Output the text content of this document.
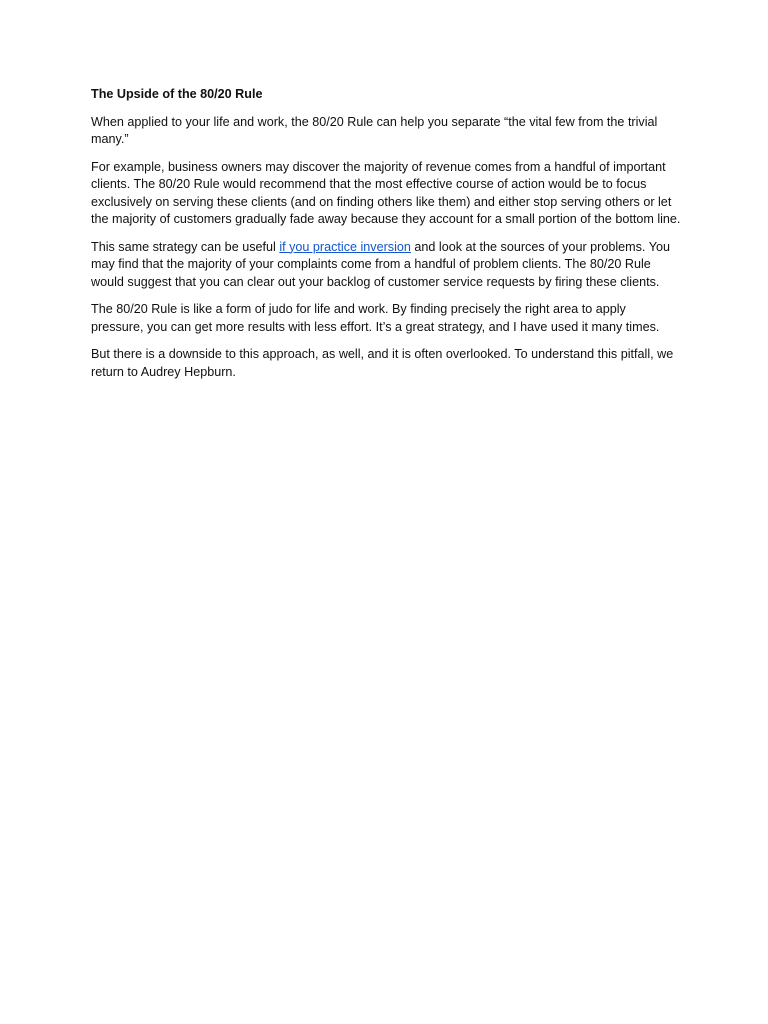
The Upside of the 80/20 Rule

When applied to your life and work, the 80/20 Rule can help you separate “the vital few from the trivial many.”

For example, business owners may discover the majority of revenue comes from a handful of important clients. The 80/20 Rule would recommend that the most effective course of action would be to focus exclusively on serving these clients (and on finding others like them) and either stop serving others or let the majority of customers gradually fade away because they account for a small portion of the bottom line.

This same strategy can be useful if you practice inversion and look at the sources of your problems. You may find that the majority of your complaints come from a handful of problem clients. The 80/20 Rule would suggest that you can clear out your backlog of customer service requests by firing these clients.

The 80/20 Rule is like a form of judo for life and work. By finding precisely the right area to apply pressure, you can get more results with less effort. It’s a great strategy, and I have used it many times.

But there is a downside to this approach, as well, and it is often overlooked. To understand this pitfall, we return to Audrey Hepburn.
